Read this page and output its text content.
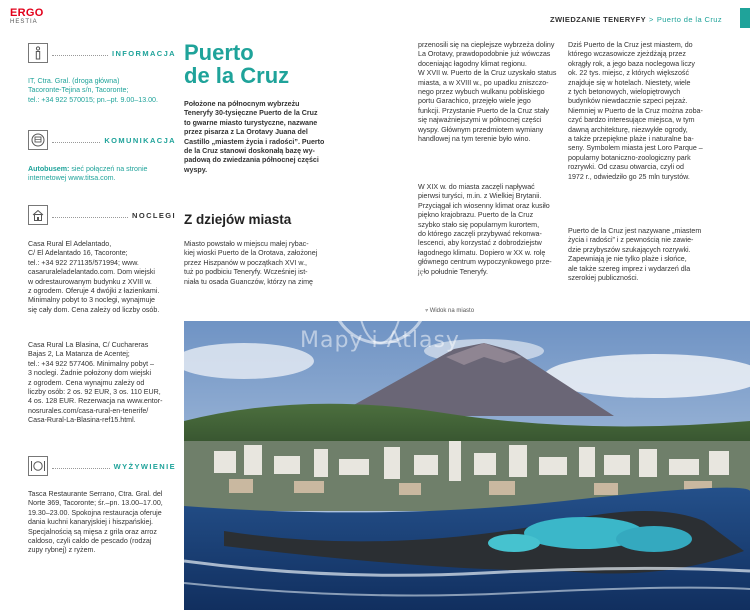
ERGO
HESTIA	ZWIEDZANIE TENERYFY > Puerto de la Cruz
INFORMACJA
IT, Ctra. Gral. (droga główna)
Tacoronte-Tejina s/n, Tacoronte;
tel.: +34 922 570015; pn.–pt. 9.00–13.00.
KOMUNIKACJA
Autobusem: sieć połączeń na stronie
internetowej www.titsa.com.
NOCLEGI
Casa Rural El Adelantado,
C/ El Adelantado 16, Tacoronte;
tel.: +34 922 271135/571994; www.
casaruraleladelantado.com. Dom wiejski
w odrestaurowanym budynku z XVIII w.
z ogrodem. Oferuje 4 dwójki z łazienkami.
Minimalny pobyt to 3 noclegi, wynajmuje
się cały dom. Cena zależy od liczby osób.
Casa Rural La Blasina, C/ Cuchareras
Bajas 2, La Matanza de Acentej;
tel.: +34 922 577406. Minimalny pobyt –
3 noclegi. Żadnie położony dom wiejski
z ogrodem. Cena wynajmu zależy od
liczby osób: 2 os. 92 EUR, 3 os. 110 EUR,
4 os. 128 EUR. Rezerwacja na www.entor-
nosrurales.com/casa-rural-en-tenerife/
Casa-Rural-La-Blasina-ref15.html.
WYŻYWIENIE
Tasca Restaurante Serrano, Ctra. Gral. del
Norte 369, Tacoronte; śr.–pn. 13.00–17.00,
19.30–23.00. Spokojna restauracja oferuje
dania kuchni kanaryjskiej i hiszpańskiej.
Specjalnością są mięsa z grila oraz arroz
caldoso, czyli caldo de pescado (rodzaj
zupy rybnej) z ryżem.
Puerto
de la Cruz
Położone na północnym wybrzeżu
Teneryfy 30-tysięczne Puerto de la Cruz
to gwarne miasto turystyczne, nazwane
przez pisarza z La Orotavy Juana del
Castillo „miastem życia i radości”. Puerto
de la Cruz stanowi doskonałą bazę wy-
padową do zwiedzania północnej części
wyspy.
Z dziejów miasta
Miasto powstało w miejscu małej rybac-
kiej wioski Puerto de la Orotava, założonej
przez Hiszpanów w początkach XVI w.,
tuż po podbiciu Teneryfy. Wcześniej ist-
niała tu osada Guanczów, którzy na zimę
przenosili się na cieplejsze wybrzeża doliny
La Orotavy, prawdopodobnie już wówczas
doceniając łagodny klimat regionu.
W XVII w. Puerto de la Cruz uzyskało status
miasta, a w XVIII w., po upadku zniszczo-
nego przez wybuch wulkanu pobliskiego
portu Garachico, przejęło wiele jego
funkcji. Przystanie Puerto de la Cruz stały
się najważniejszymi w północnej części
wyspy. Głównym przedmiotem wymiany
handlowej na tym terenie było wino.
W XIX w. do miasta zaczęli napływać
pierwsi turyści, m.in. z Wielkiej Brytanii.
Przyciągał ich wiosenny klimat oraz kusiło
piękno krajobrazu. Puerto de la Cruz
szybko stało się popularnym kurortem,
do którego zaczęli przybywać rekonwa-
lescenci, aby korzystać z dobrodziejstw
łagodnego klimatu. Dopiero w XX w. rolę
głównego centrum wypoczynkowego prze-
jęło południe Teneryfy.
Dziś Puerto de la Cruz jest miastem, do
którego wczasowicze zjeżdżają przez
okrągły rok, a jego baza noclegowa liczy
ok. 22 tys. miejsc, z których większość
znajduje się w hotelach. Niestety, wiele
z tych betonowych, wielopiętrowych
budynków niewdacznie szpeci pejzaż.
Niemniej w Puerto de la Cruz można zoba-
czyć bardzo interesujące miejsca, w tym
dawną architekturę, niezwykłe ogrody,
a także przepiękne plaże i naturalne ba-
seny. Symbolem miasta jest Loro Parque –
popularny botaniczno-zoologiczny park
rozrywki. Od czasu otwarcia, czyli od
1972 r., odwiedziło go 25 mln turystów.
Puerto de la Cruz jest nazywane „miastem
życia i radości” i z pewnością nie zawie-
dzie przybyszów szukających rozrywki.
Zapewniają je nie tylko plaże i słońce,
ale także szereg imprez i wydarzeń dla
szerokiej publiczności.
▾ Widok na miasto
Mapy i Atlasy
